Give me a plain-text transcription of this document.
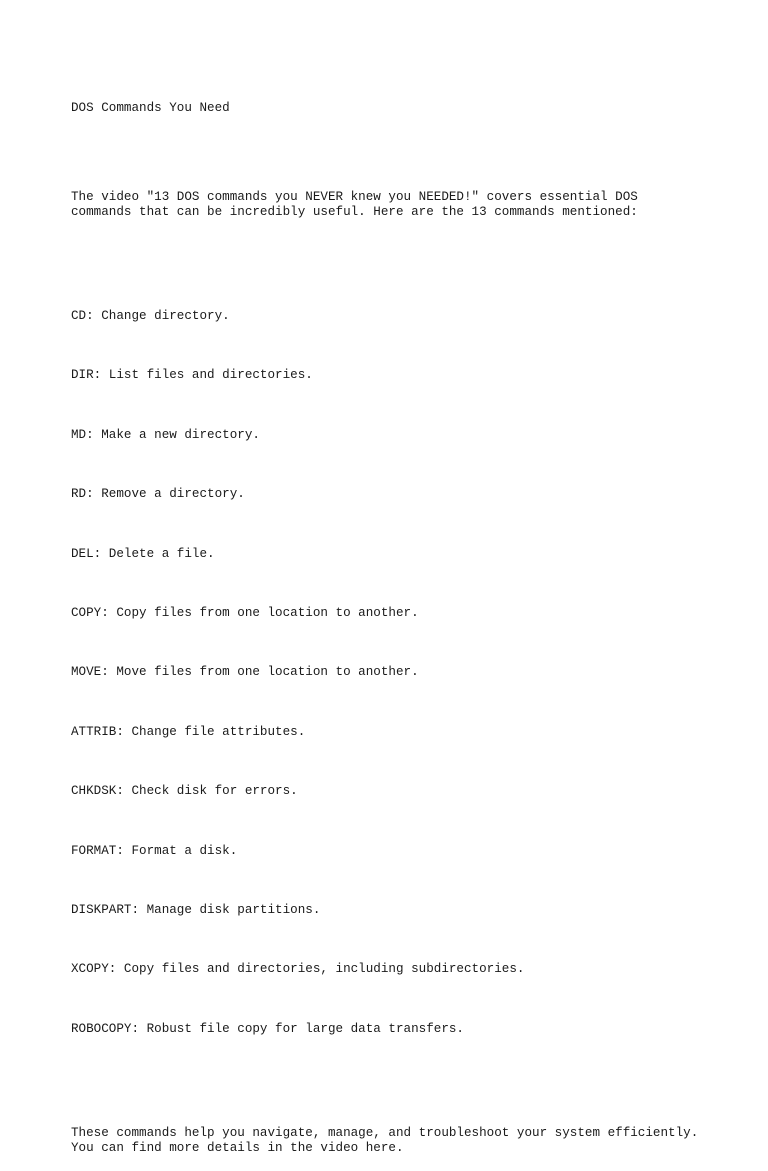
DOS Commands You Need

The video "13 DOS commands you NEVER knew you NEEDED!" covers essential DOS
commands that can be incredibly useful. Here are the 13 commands mentioned:

CD: Change directory.

DIR: List files and directories.

MD: Make a new directory.

RD: Remove a directory.

DEL: Delete a file.

COPY: Copy files from one location to another.

MOVE: Move files from one location to another.

ATTRIB: Change file attributes.

CHKDSK: Check disk for errors.

FORMAT: Format a disk.

DISKPART: Manage disk partitions.

XCOPY: Copy files and directories, including subdirectories.

ROBOCOPY: Robust file copy for large data transfers.

These commands help you navigate, manage, and troubleshoot your system efficiently.
You can find more details in the video here.
